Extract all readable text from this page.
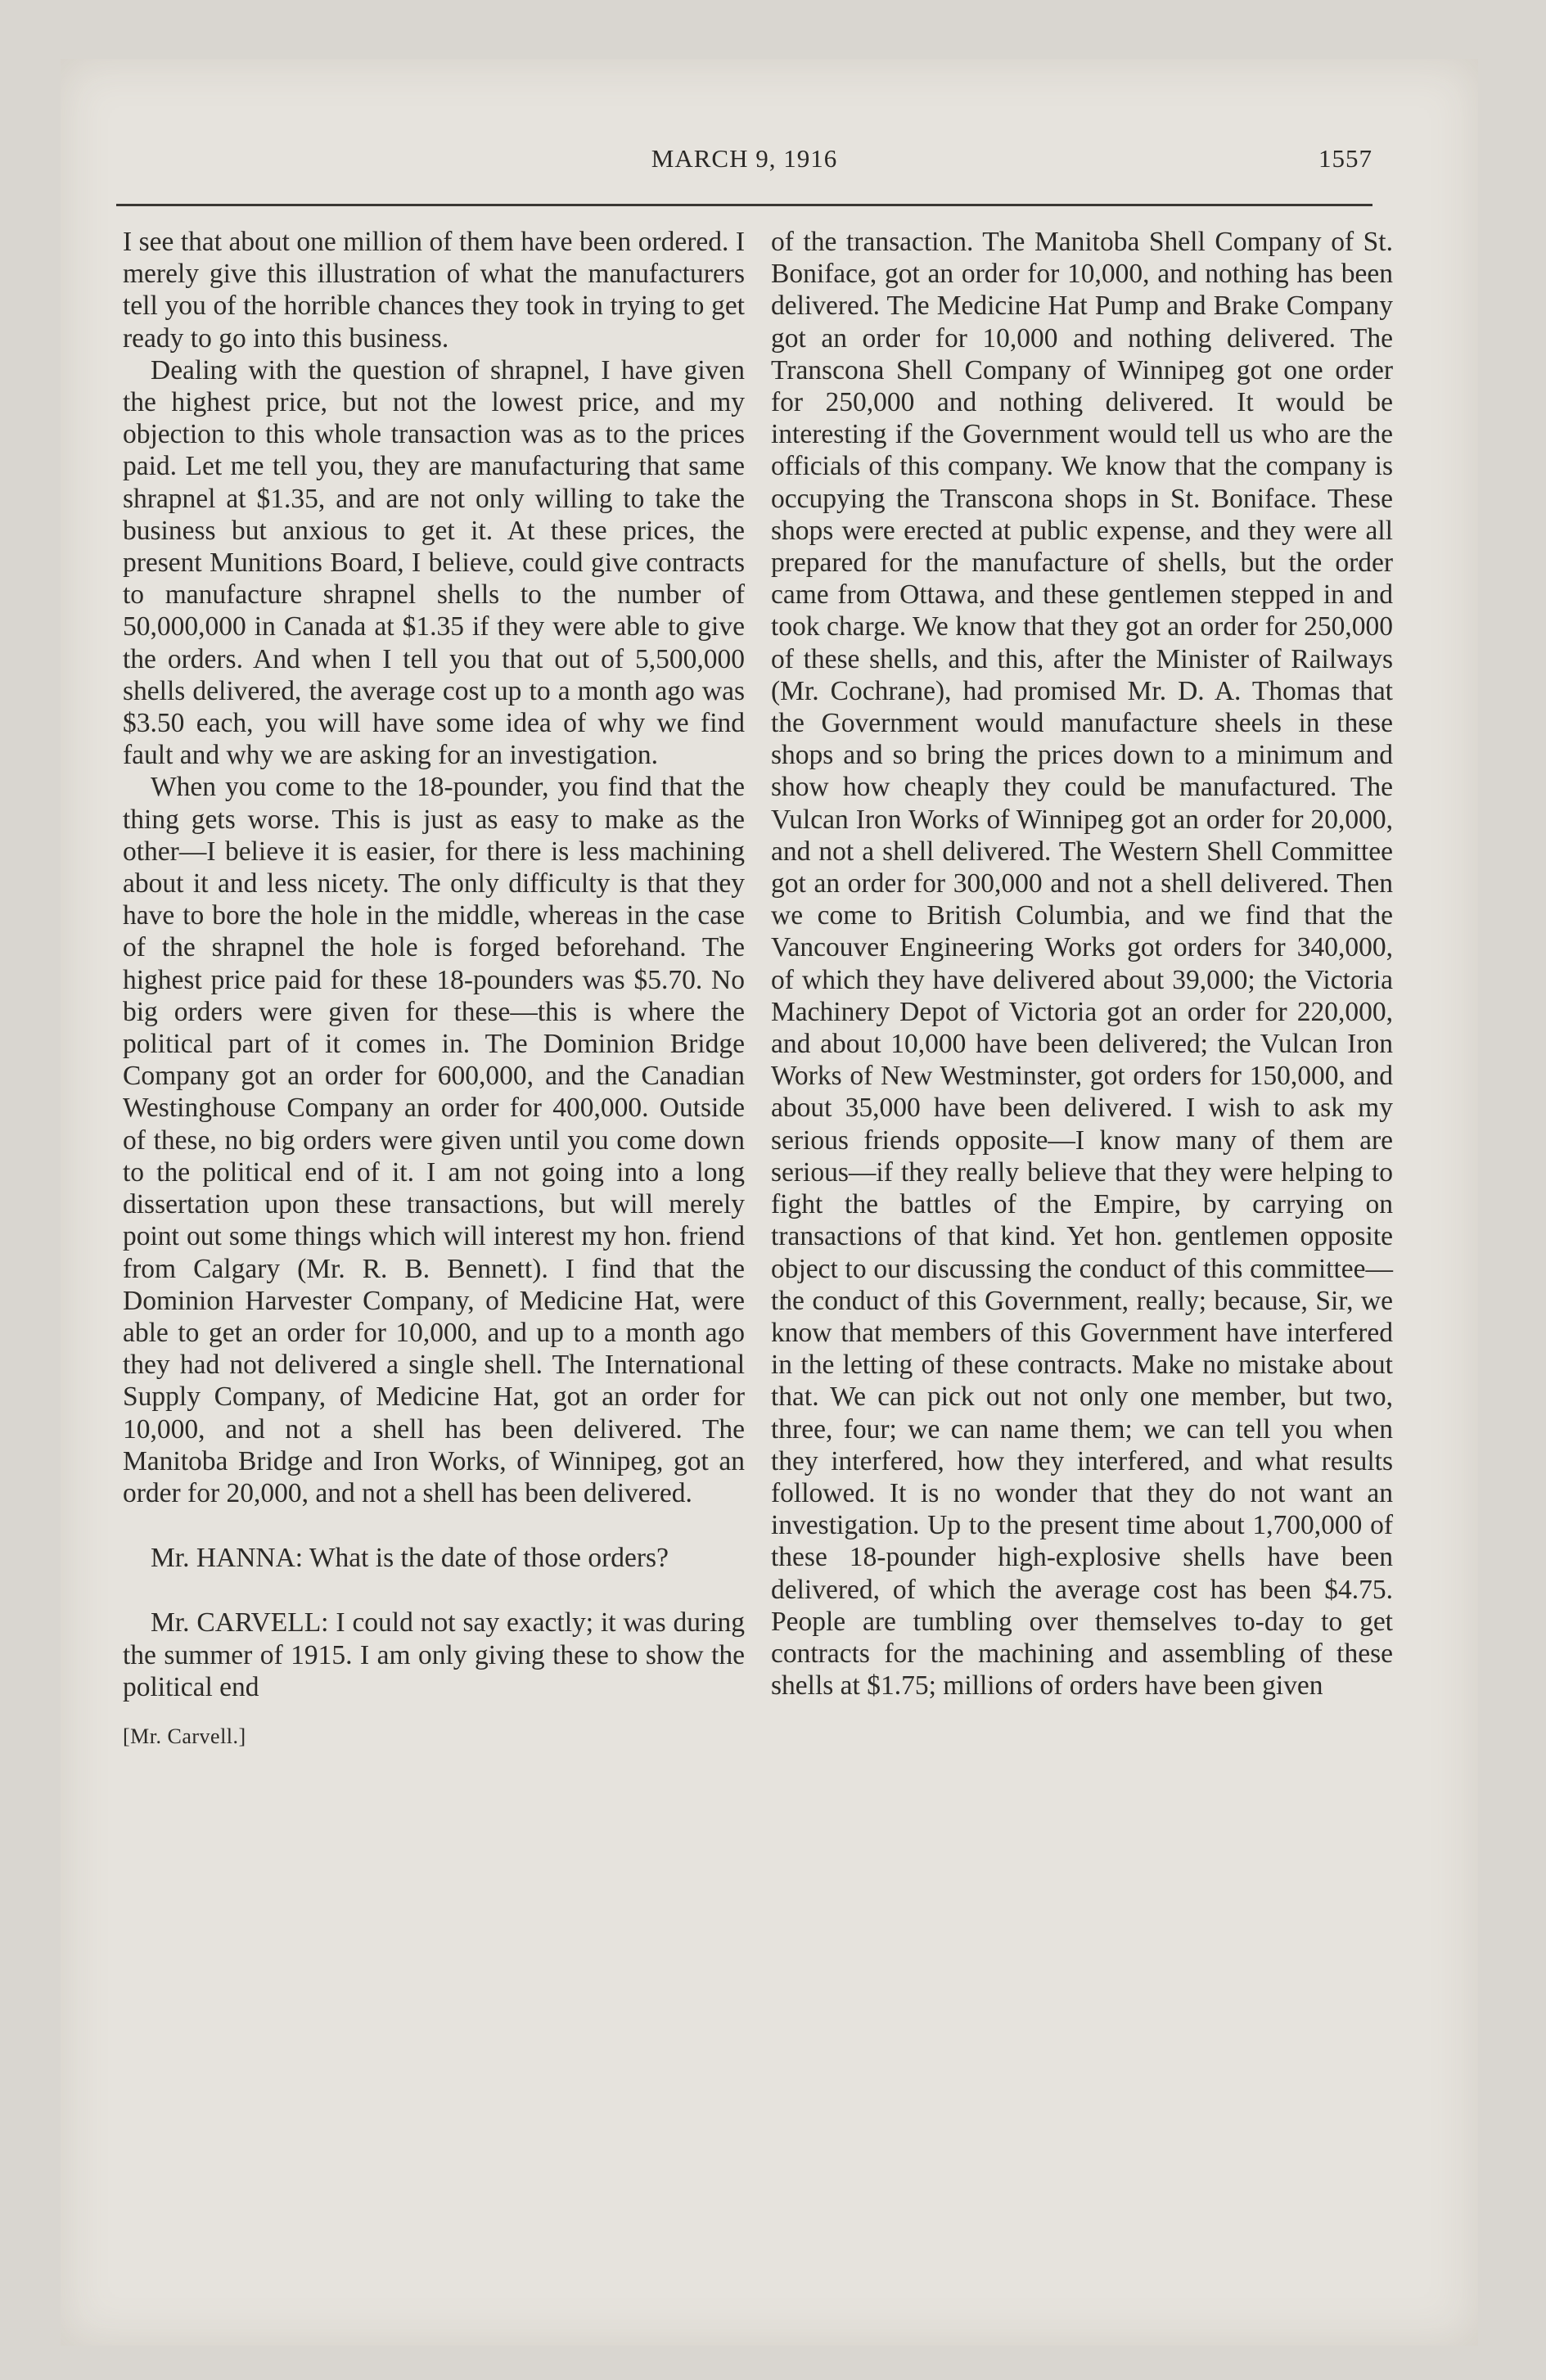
MARCH 9, 1916	1557

I see that about one million of them have been ordered. I merely give this illustration of what the manufacturers tell you of the horrible chances they took in trying to get ready to go into this business.

Dealing with the question of shrapnel, I have given the highest price, but not the lowest price, and my objection to this whole transaction was as to the prices paid. Let me tell you, they are manufacturing that same shrapnel at $1.35, and are not only willing to take the business but anxious to get it. At these prices, the present Munitions Board, I believe, could give contracts to manufacture shrapnel shells to the number of 50,000,000 in Canada at $1.35 if they were able to give the orders. And when I tell you that out of 5,500,000 shells delivered, the average cost up to a month ago was $3.50 each, you will have some idea of why we find fault and why we are asking for an investigation.

When you come to the 18-pounder, you find that the thing gets worse. This is just as easy to make as the other—I believe it is easier, for there is less machining about it and less nicety. The only difficulty is that they have to bore the hole in the middle, whereas in the case of the shrapnel the hole is forged beforehand. The highest price paid for these 18-pounders was $5.70. No big orders were given for these—this is where the political part of it comes in. The Dominion Bridge Company got an order for 600,000, and the Canadian Westinghouse Company an order for 400,000. Outside of these, no big orders were given until you come down to the political end of it. I am not going into a long dissertation upon these transactions, but will merely point out some things which will interest my hon. friend from Calgary (Mr. R. B. Bennett). I find that the Dominion Harvester Company, of Medicine Hat, were able to get an order for 10,000, and up to a month ago they had not delivered a single shell. The International Supply Company, of Medicine Hat, got an order for 10,000, and not a shell has been delivered. The Manitoba Bridge and Iron Works, of Winnipeg, got an order for 20,000, and not a shell has been delivered.

Mr. HANNA: What is the date of those orders?

Mr. CARVELL: I could not say exactly; it was during the summer of 1915. I am only giving these to show the political end

[Mr. Carvell.]

of the transaction. The Manitoba Shell Company of St. Boniface, got an order for 10,000, and nothing has been delivered. The Medicine Hat Pump and Brake Company got an order for 10,000 and nothing delivered. The Transcona Shell Company of Winnipeg got one order for 250,000 and nothing delivered. It would be interesting if the Government would tell us who are the officials of this company. We know that the company is occupying the Transcona shops in St. Boniface. These shops were erected at public expense, and they were all prepared for the manufacture of shells, but the order came from Ottawa, and these gentlemen stepped in and took charge. We know that they got an order for 250,000 of these shells, and this, after the Minister of Railways (Mr. Cochrane), had promised Mr. D. A. Thomas that the Government would manufacture sheels in these shops and so bring the prices down to a minimum and show how cheaply they could be manufactured. The Vulcan Iron Works of Winnipeg got an order for 20,000, and not a shell delivered. The Western Shell Committee got an order for 300,000 and not a shell delivered. Then we come to British Columbia, and we find that the Vancouver Engineering Works got orders for 340,000, of which they have delivered about 39,000; the Victoria Machinery Depot of Victoria got an order for 220,000, and about 10,000 have been delivered; the Vulcan Iron Works of New Westminster, got orders for 150,000, and about 35,000 have been delivered. I wish to ask my serious friends opposite—I know many of them are serious—if they really believe that they were helping to fight the battles of the Empire, by carrying on transactions of that kind. Yet hon. gentlemen opposite object to our discussing the conduct of this committee—the conduct of this Government, really; because, Sir, we know that members of this Government have interfered in the letting of these contracts. Make no mistake about that. We can pick out not only one member, but two, three, four; we can name them; we can tell you when they interfered, how they interfered, and what results followed. It is no wonder that they do not want an investigation. Up to the present time about 1,700,000 of these 18-pounder high-explosive shells have been delivered, of which the average cost has been $4.75. People are tumbling over themselves to-day to get contracts for the machining and assembling of these shells at $1.75; millions of orders have been given
